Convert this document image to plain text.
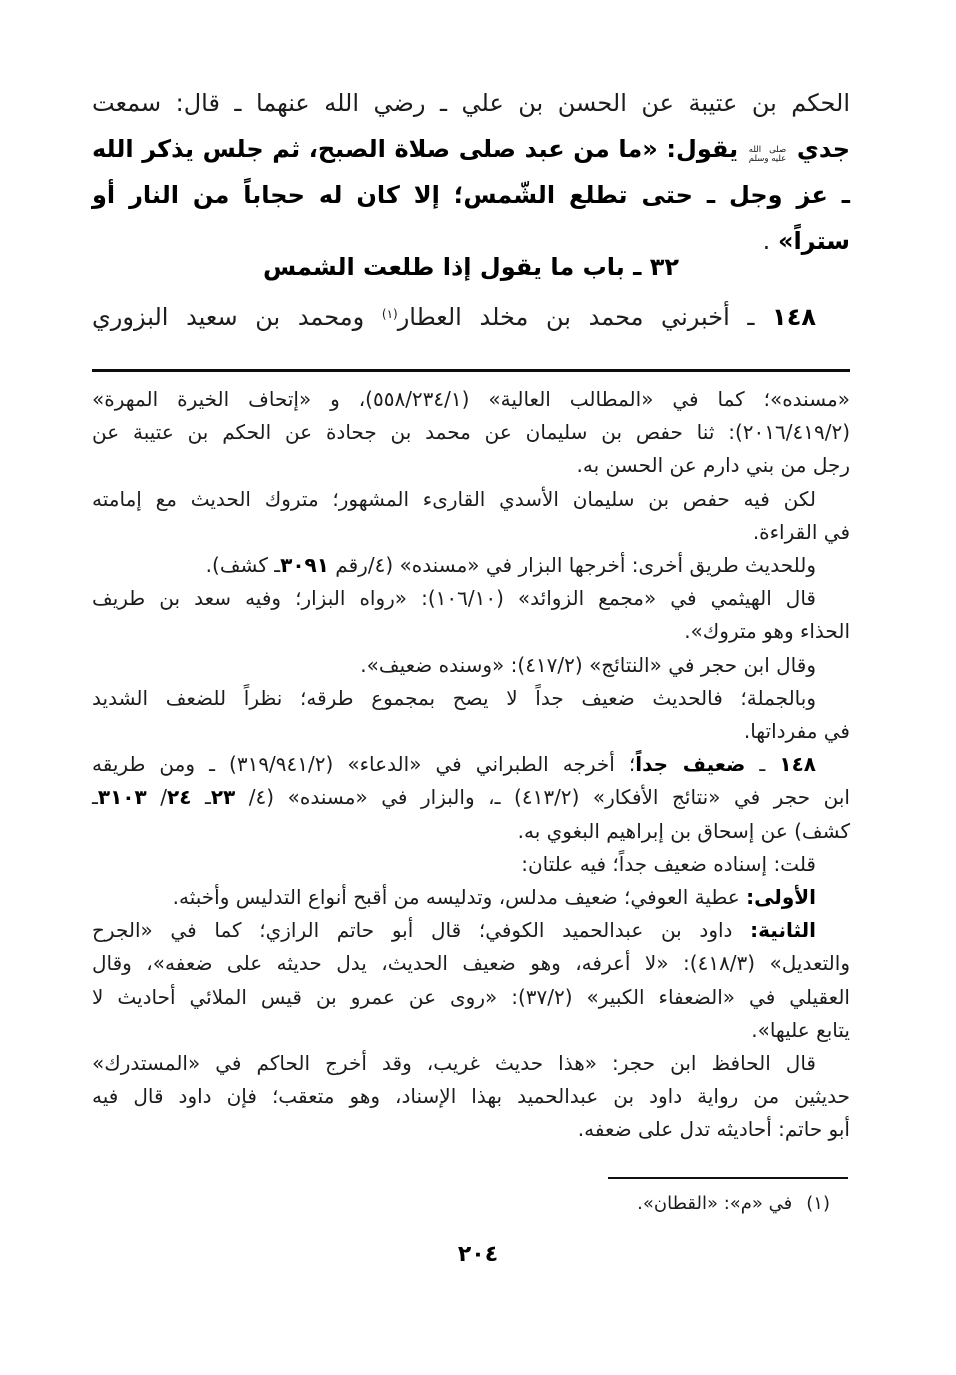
الحكم بن عتيبة عن الحسن بن علي ـ رضي الله عنهما ـ قال: سمعت
جدي صلى الله
عليه وسلم يقول: «ما من عبد صلى صلاة الصبح، ثم جلس يذكر الله
ـ عز وجل ـ حتى تطلع الشّمس؛ إلا كان له حجاباً من النار أو ستراً» .
٣٢ ـ باب ما يقول إذا طلعت الشمس
١٤٨ ـ أخبرني محمد بن مخلد العطار$^{(١)}$ ومحمد بن سعيد البزوري
«مسنده»؛ كما في «المطالب العالية» (٥٥٨/٢٣٤/١)، و «إتحاف الخيرة المهرة»
(٢٠١٦/٤١٩/٢): ثنا حفص بن سليمان عن محمد بن جحادة عن الحكم بن عتيبة عن
رجل من بني دارم عن الحسن به.
لكن فيه حفص بن سليمان الأسدي القارىء المشهور؛ متروك الحديث مع إمامته
في القراءة.
وللحديث طريق أخرى: أخرجها البزار في «مسنده» (٤/رقم ٣٠٩١ـ كشف).
قال الهيثمي في «مجمع الزوائد» (١٠٦/١٠): «رواه البزار؛ وفيه سعد بن طريف
الحذاء وهو متروك».
وقال ابن حجر في «النتائج» (٤١٧/٢): «وسنده ضعيف».
وبالجملة؛ فالحديث ضعيف جداً لا يصح بمجموع طرقه؛ نظراً للضعف الشديد
في مفرداتها.
١٤٨ ـ ضعيف جداً؛ أخرجه الطبراني في «الدعاء» (٣١٩/٩٤١/٢) ـ ومن طريقه
ابن حجر في «نتائج الأفكار» (٤١٣/٢) ـ، والبزار في «مسنده» (٤/ ٢٣ـ ٢٤/ ٣١٠٣ـ
كشف) عن إسحاق بن إبراهيم البغوي به.
قلت: إسناده ضعيف جداً؛ فيه علتان:
الأولى: عطية العوفي؛ ضعيف مدلس، وتدليسه من أقبح أنواع التدليس وأخبثه.
الثانية: داود بن عبدالحميد الكوفي؛ قال أبو حاتم الرازي؛ كما في «الجرح
والتعديل» (٤١٨/٣): «لا أعرفه، وهو ضعيف الحديث، يدل حديثه على ضعفه»، وقال
العقيلي في «الضعفاء الكبير» (٣٧/٢): «روى عن عمرو بن قيس الملائي أحاديث لا
يتابع عليها».
قال الحافظ ابن حجر: «هذا حديث غريب، وقد أخرج الحاكم في «المستدرك»
حديثين من رواية داود بن عبدالحميد بهذا الإسناد، وهو متعقب؛ فإن داود قال فيه
أبو حاتم: أحاديثه تدل على ضعفه.
(١)في «م»: «القطان».
٢٠٤
